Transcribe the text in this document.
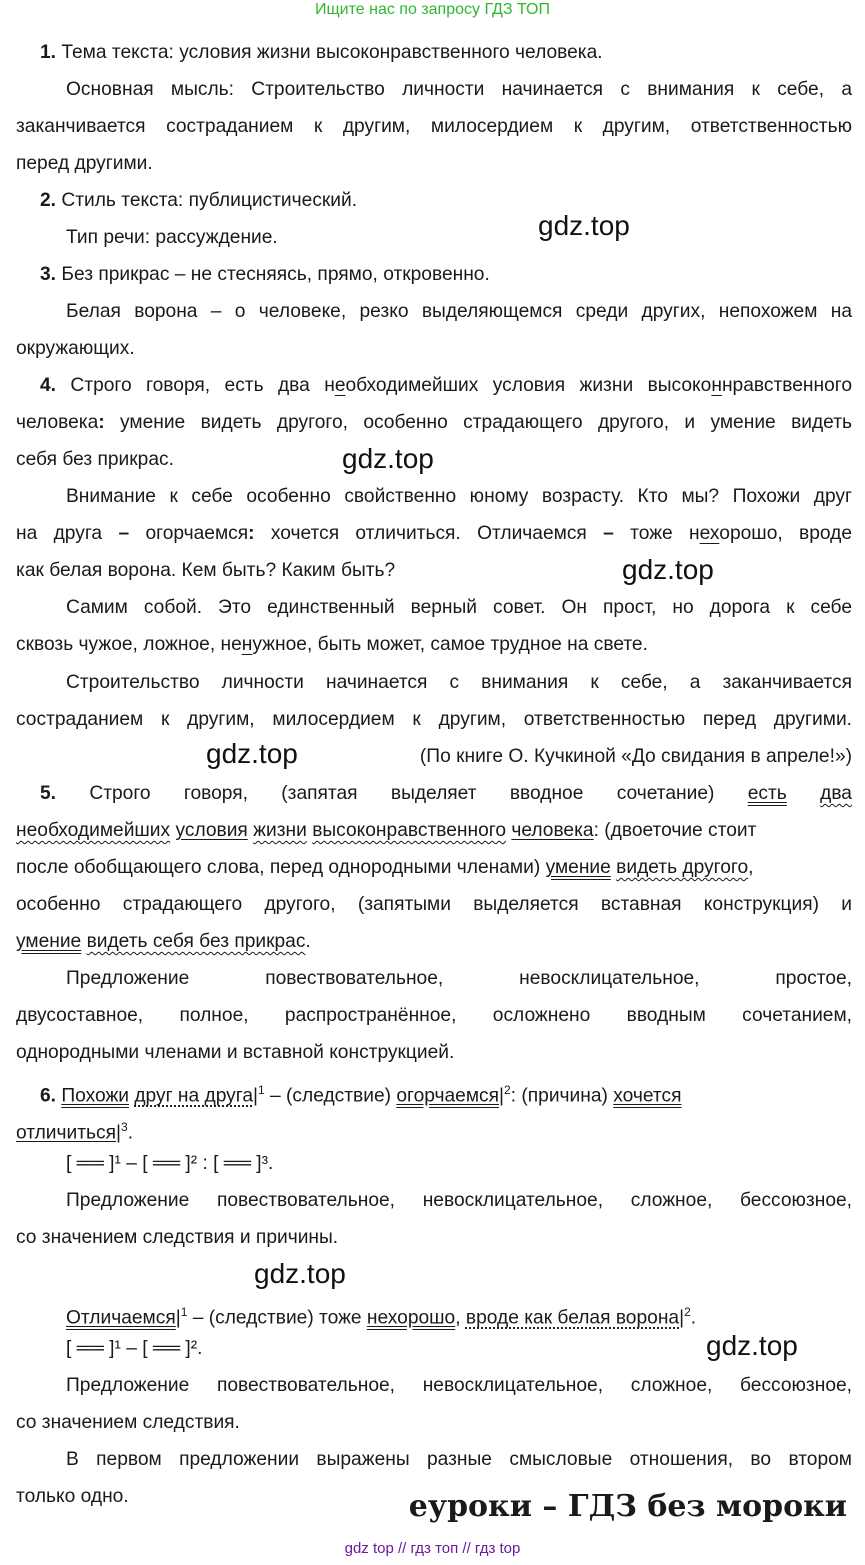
Ищите нас по запросу ГДЗ ТОП
1. Тема текста: условия жизни высоконравственного человека.
Основная мысль: Строительство личности начинается с внимания к себе, а
заканчивается состраданием к другим, милосердием к другим, ответственностью
перед другими.
2. Стиль текста: публицистический.
Тип речи: рассуждение.	gdz.top
3. Без прикрас – не стесняясь, прямо, откровенно.
Белая ворона – о человеке, резко выделяющемся среди других, непохожем на
окружающих.
4. Строго говоря, есть два необходимейших условия жизни высоконнравственного
человека: умение видеть другого, особенно страдающего другого, и умение видеть
себя без прикрас.	gdz.top
Внимание к себе особенно свойственно юному возрасту. Кто мы? Похожи друг
на друга – огорчаемся: хочется отличиться. Отличаемся – тоже нехорошо, вроде
как белая ворона. Кем быть? Каким быть?	gdz.top
Самим собой. Это единственный верный совет. Он прост, но дорога к себе
сквозь чужое, ложное, ненужное, быть может, самое трудное на свете.
Строительство личности начинается с внимания к себе, а заканчивается
состраданием к другим, милосердием к другим, ответственностью перед другими.
gdz.top	(По книге О. Кучкиной «До свидания в апреле!»)
5. Строго говоря, (запятая выделяет вводное сочетание) есть два
необходимейших условия жизни высоконравственного человека: (двоеточие стоит
после обобщающего слова, перед однородными членами) умение видеть другого,
особенно страдающего другого, (запятыми выделяется вставная конструкция) и
умение видеть себя без прикрас.
Предложение повествовательное, невосклицательное, простое,
двусоставное, полное, распространённое, осложнено вводным сочетанием,
однородными членами и вставной конструкцией.
6. Похожи друг на $друга|^1$ – (следствие) $огорчаемся|^2$: (причина) хочется
$отличиться|^3$.
[ ══ ]¹ – [ ══ ]² : [ ══ ]³.
Предложение повествовательное, невосклицательное, сложное, бессоюзное,
со значением следствия и причины.
gdz.top
$Отличаемся|^1$ – (следствие) тоже нехорошо, вроде как белая $ворона|^2$.
[ ══ ]¹ – [ ══ ]².	gdz.top
Предложение повествовательное, невосклицательное, сложное, бессоюзное,
со значением следствия.
В первом предложении выражены разные смысловые отношения, во втором
только одно.	еуроки – ГДЗ без мороки
gdz top // гдз топ // гдз top
